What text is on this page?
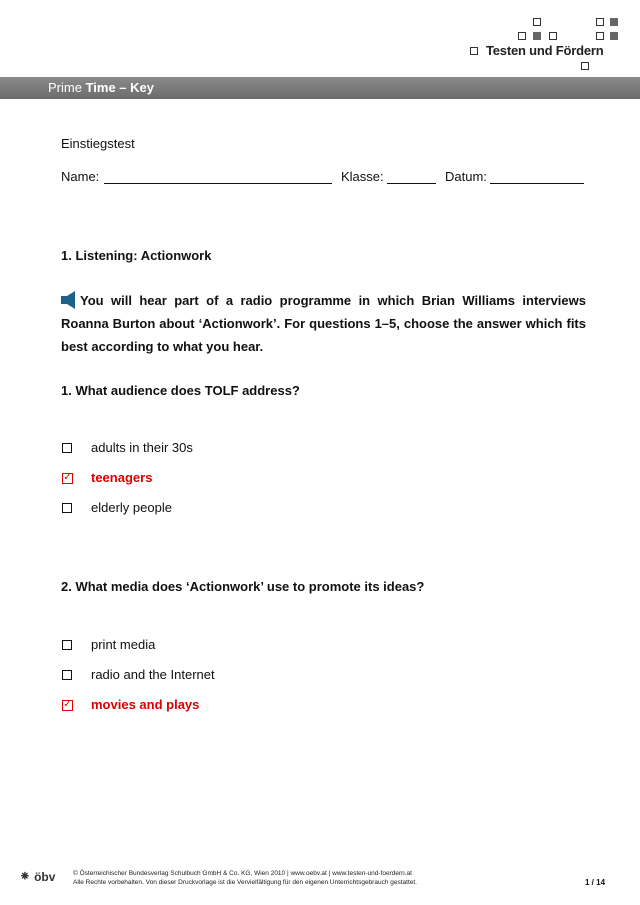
Testen und Fördern
Prime Time – Key
Einstiegstest
Name:	Klasse:	Datum:
1. Listening: Actionwork
You will hear part of a radio programme in which Brian Williams interviews Roanna Burton about ‘Actionwork’. For questions 1–5, choose the answer which fits best according to what you hear.
1. What audience does TOLF address?
adults in their 30s
✓ teenagers
elderly people
2. What media does ‘Actionwork’ use to promote its ideas?
print media
radio and the Internet
✓ movies and plays
⁕ öbv	© Österreichischer Bundesverlag Schulbuch GmbH & Co. KG, Wien 2010 | www.oebv.at | www.testen-und-foerdern.at
Alle Rechte vorbehalten. Von dieser Druckvorlage ist die Vervielfältigung für den eigenen Unterrichtsgebrauch gestattet.	1 / 14
